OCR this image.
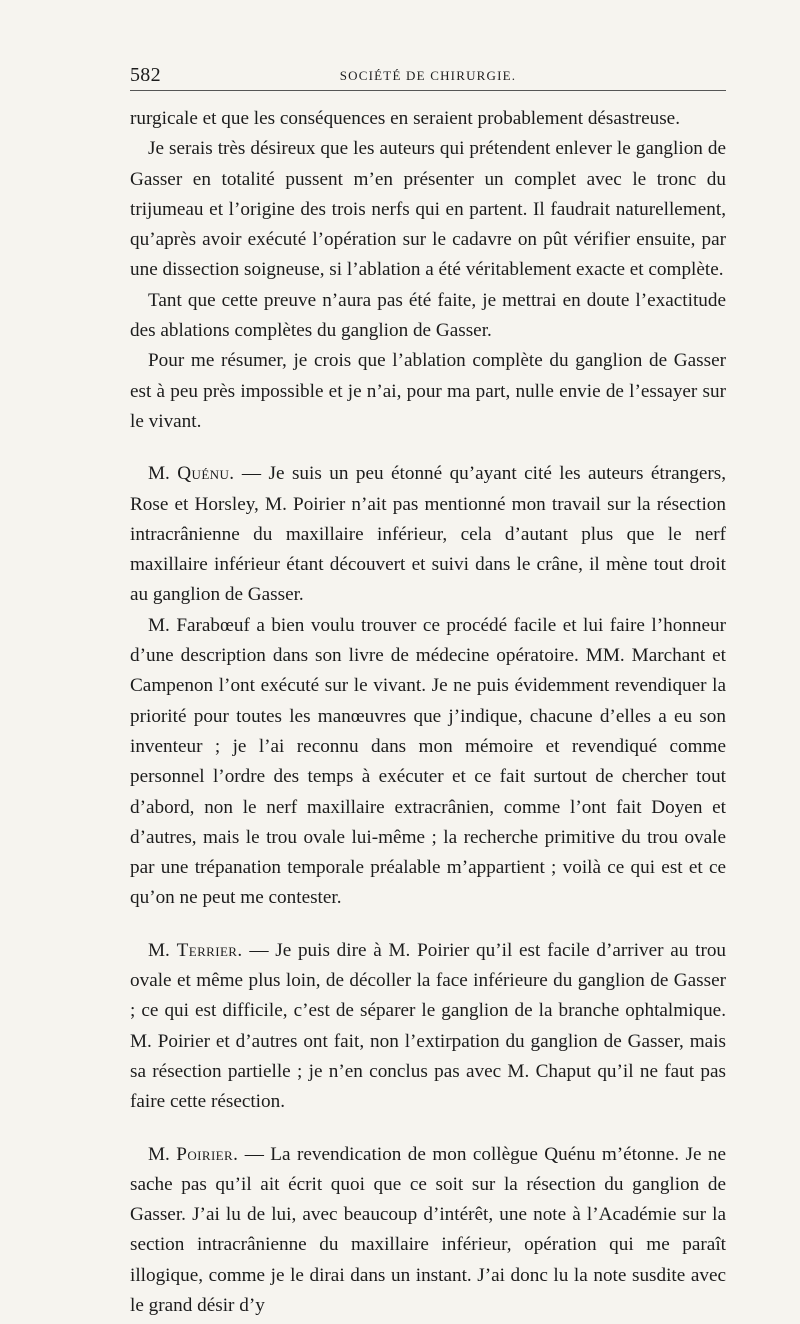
582	SOCIÉTÉ DE CHIRURGIE.

rurgicale et que les conséquences en seraient probablement désastreuse.

Je serais très désireux que les auteurs qui prétendent enlever le ganglion de Gasser en totalité pussent m’en présenter un complet avec le tronc du trijumeau et l’origine des trois nerfs qui en partent. Il faudrait naturellement, qu’après avoir exécuté l’opération sur le cadavre on pût vérifier ensuite, par une dissection soigneuse, si l’ablation a été véritablement exacte et complète.

Tant que cette preuve n’aura pas été faite, je mettrai en doute l’exactitude des ablations complètes du ganglion de Gasser.

Pour me résumer, je crois que l’ablation complète du ganglion de Gasser est à peu près impossible et je n’ai, pour ma part, nulle envie de l’essayer sur le vivant.

M. Quénu. — Je suis un peu étonné qu’ayant cité les auteurs étrangers, Rose et Horsley, M. Poirier n’ait pas mentionné mon travail sur la résection intracrânienne du maxillaire inférieur, cela d’autant plus que le nerf maxillaire inférieur étant découvert et suivi dans le crâne, il mène tout droit au ganglion de Gasser.

M. Farabœuf a bien voulu trouver ce procédé facile et lui faire l’honneur d’une description dans son livre de médecine opératoire. MM. Marchant et Campenon l’ont exécuté sur le vivant. Je ne puis évidemment revendiquer la priorité pour toutes les manœuvres que j’indique, chacune d’elles a eu son inventeur ; je l’ai reconnu dans mon mémoire et revendiqué comme personnel l’ordre des temps à exécuter et ce fait surtout de chercher tout d’abord, non le nerf maxillaire extracrânien, comme l’ont fait Doyen et d’autres, mais le trou ovale lui-même ; la recherche primitive du trou ovale par une trépanation temporale préalable m’appartient ; voilà ce qui est et ce qu’on ne peut me contester.

M. Terrier. — Je puis dire à M. Poirier qu’il est facile d’arriver au trou ovale et même plus loin, de décoller la face inférieure du ganglion de Gasser ; ce qui est difficile, c’est de séparer le ganglion de la branche ophtalmique. M. Poirier et d’autres ont fait, non l’extirpation du ganglion de Gasser, mais sa résection partielle ; je n’en conclus pas avec M. Chaput qu’il ne faut pas faire cette résection.

M. Poirier. — La revendication de mon collègue Quénu m’étonne. Je ne sache pas qu’il ait écrit quoi que ce soit sur la résection du ganglion de Gasser. J’ai lu de lui, avec beaucoup d’intérêt, une note à l’Académie sur la section intracrânienne du maxillaire inférieur, opération qui me paraît illogique, comme je le dirai dans un instant. J’ai donc lu la note susdite avec le grand désir d’y
